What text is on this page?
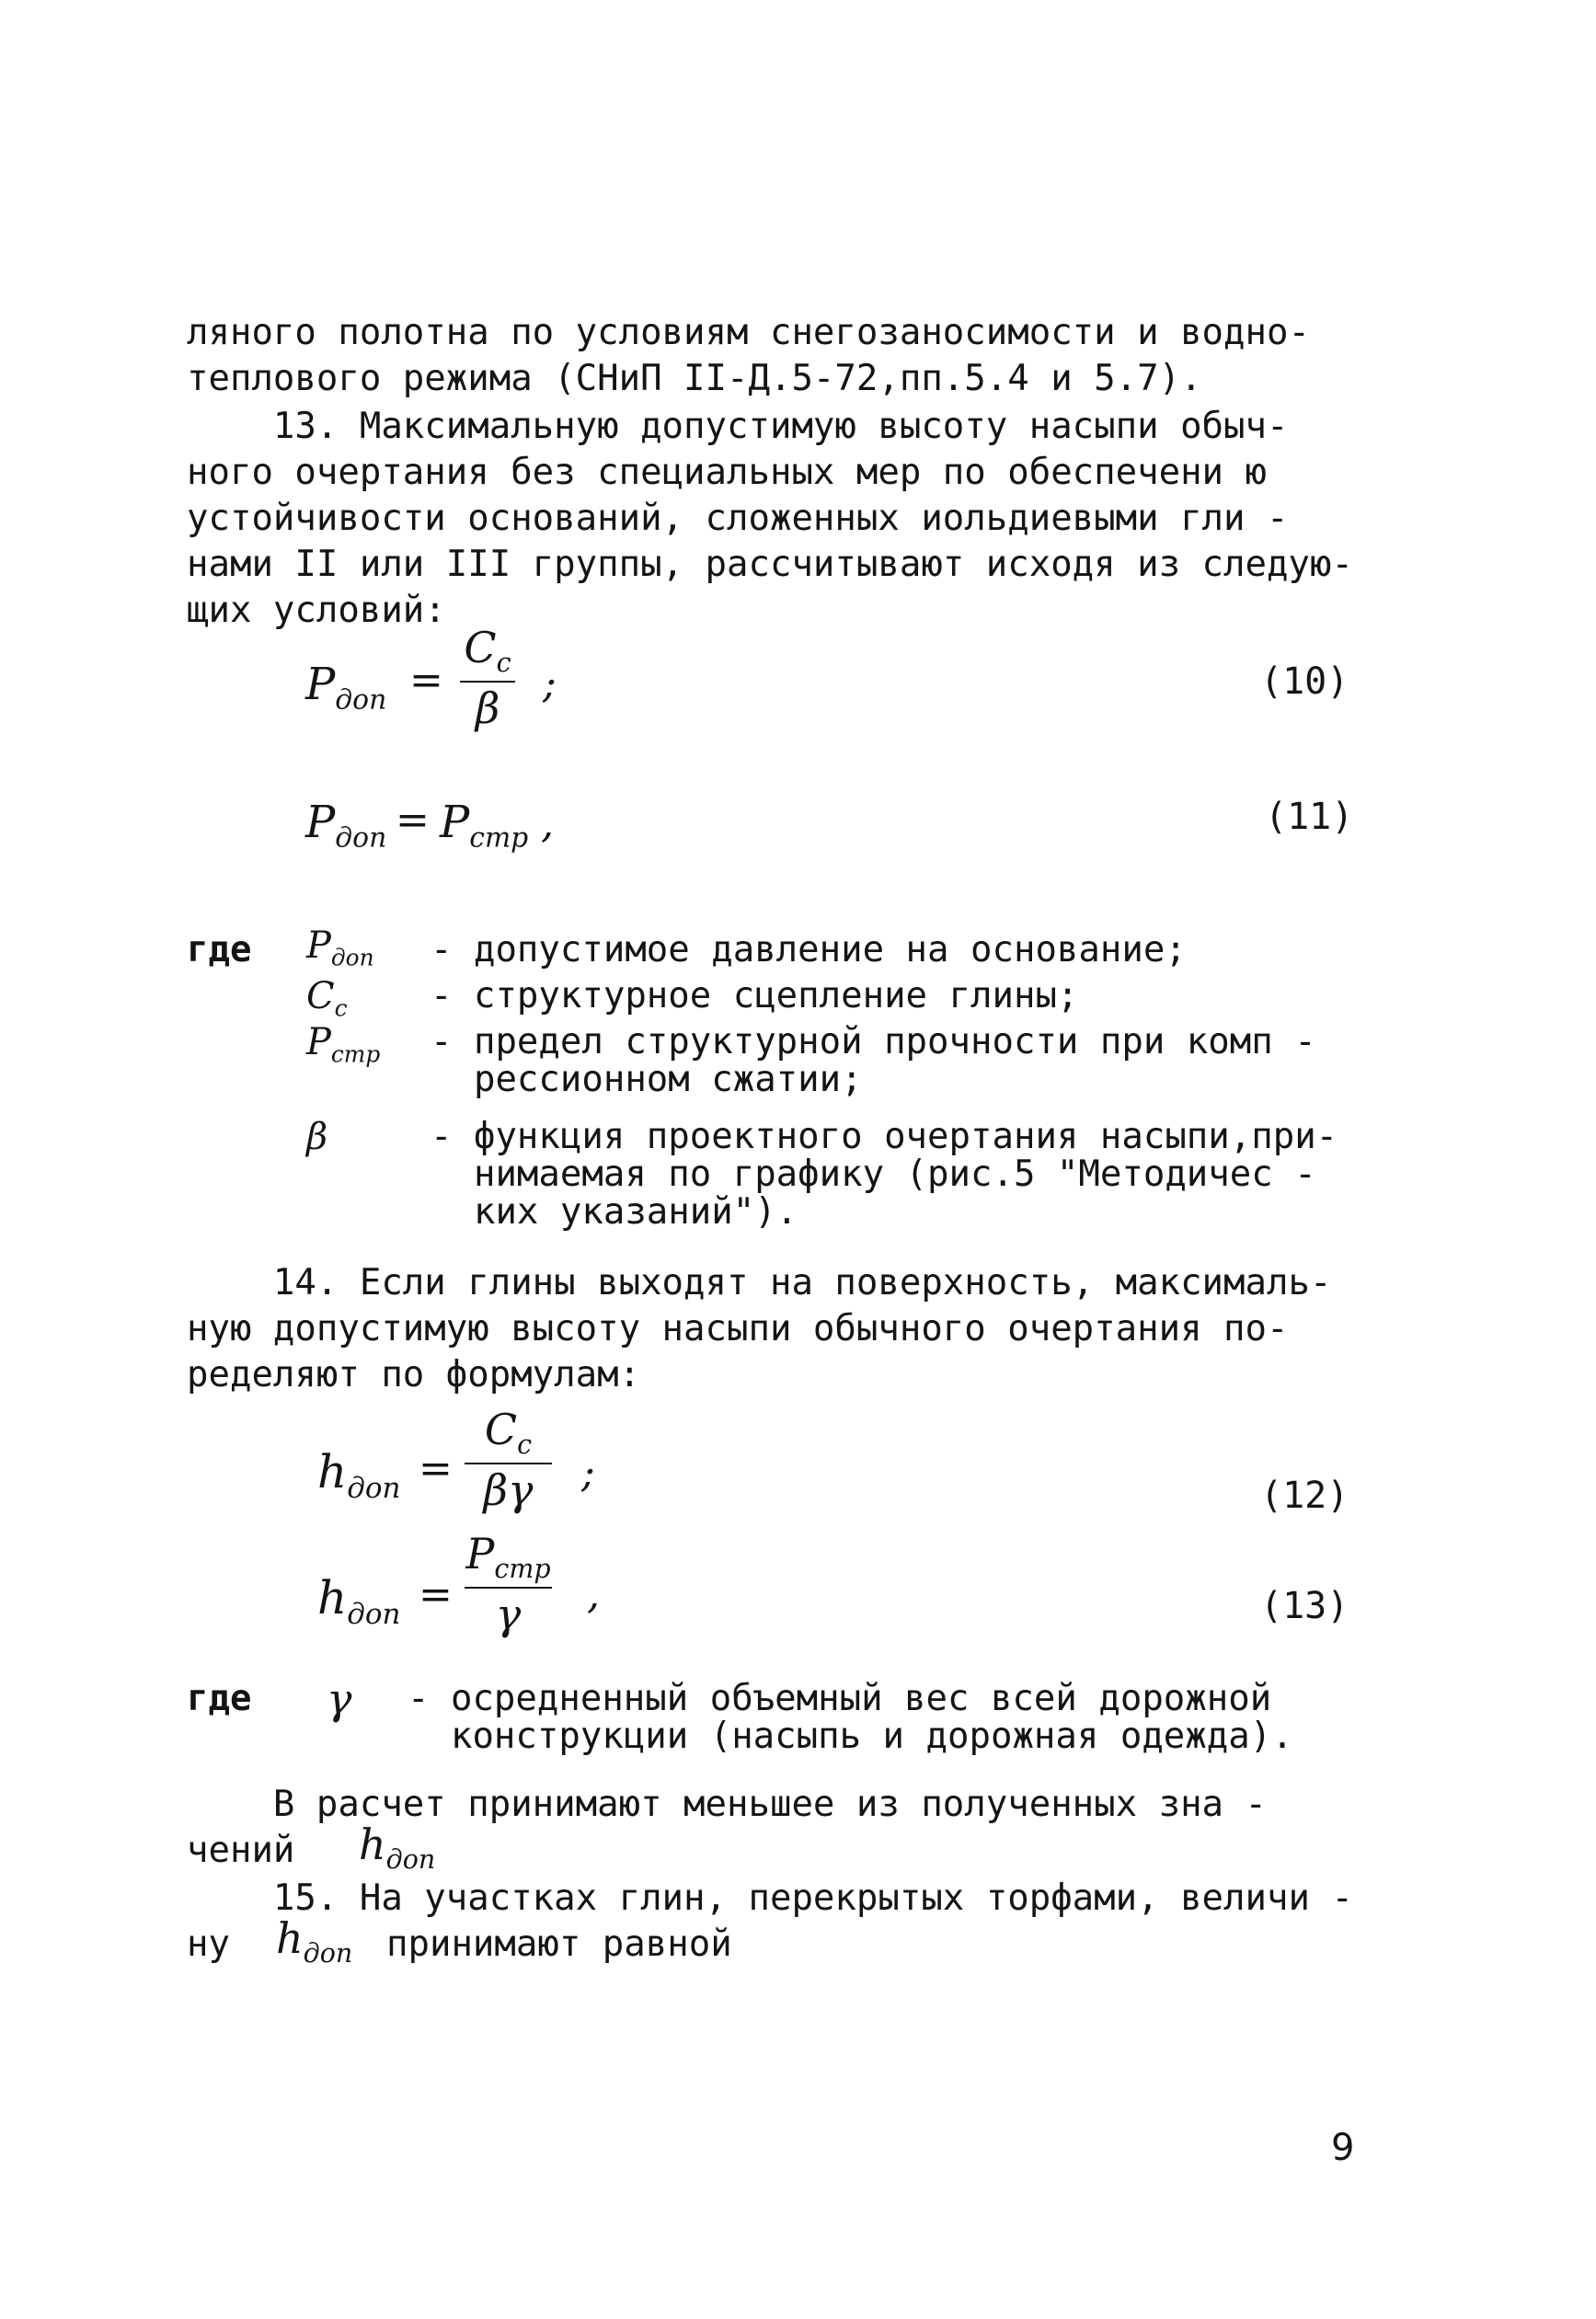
ляного полотна по условиям снегозаносимости и водно-
теплового режима (СНиП II-Д.5-72,пп.5.4 и 5.7).
13. Максимальную допустимую высоту насыпи обыч-
ного очертания без специальных мер по обеспечени ю
устойчивости оснований, сложенных иольдиевыми гли -
нами II или III группы, рассчитывают исходя из следую-
щих условий:
$P_{доп}$ =
$C_c$
β	;	(10)
$P_{доп} = P_{стр}$ ,	(11)
где $P_{доп}$ - допустимое давление на основание;
$C_c$ - структурное сцепление глины;
$P_{стр}$ - предел структурной прочности при комп -
рессионном сжатии;
β	- функция проектного очертания насыпи,при-
нимаемая по графику (рис.5 "Методичес -
ких указаний").
14. Если глины выходят на поверхность, максималь-
ную допустимую высоту насыпи обычного очертания по-
ределяют по формулам:
$h_{доп}$ =
$C_c$
βγ	;	(12)
$h_{доп}$ =
$P_{стр}$
γ	,	(13)
где γ - осредненный объемный вес всей дорожной
конструкции (насыпь и дорожная одежда).
В расчет принимают меньшее из полученных зна -
чений $h_{доп}$
15. На участках глин, перекрытых торфами, величи -
ну $h_{доп}$ принимают равной
9
